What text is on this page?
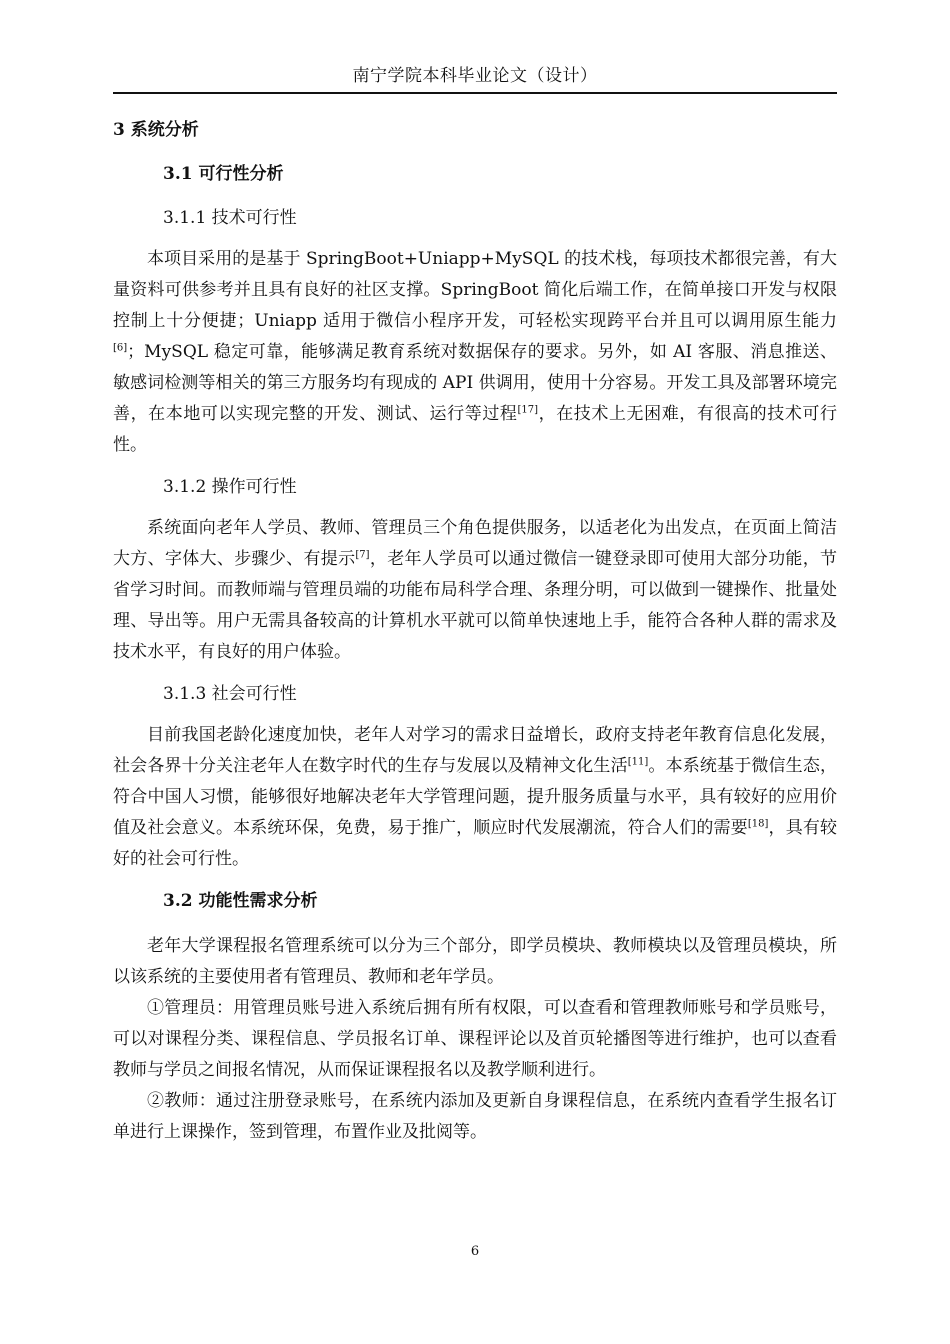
南宁学院本科毕业论文（设计）
3 系统分析
3.1 可行性分析
3.1.1 技术可行性

本项目采用的是基于 SpringBoot+Uniapp+MySQL 的技术栈，每项技术都很完善，有大量资料可供参考并且具有良好的社区支撑。SpringBoot 简化后端工作，在简单接口开发与权限控制上十分便捷；Uniapp 适用于微信小程序开发，可轻松实现跨平台并且可以调用原生能力[6]；MySQL 稳定可靠，能够满足教育系统对数据保存的要求。另外，如 AI 客服、消息推送、敏感词检测等相关的第三方服务均有现成的 API 供调用，使用十分容易。开发工具及部署环境完善，在本地可以实现完整的开发、测试、运行等过程[17]，在技术上无困难，有很高的技术可行性。

3.1.2 操作可行性

系统面向老年人学员、教师、管理员三个角色提供服务，以适老化为出发点，在页面上简洁大方、字体大、步骤少、有提示[7]，老年人学员可以通过微信一键登录即可使用大部分功能，节省学习时间。而教师端与管理员端的功能布局科学合理、条理分明，可以做到一键操作、批量处理、导出等。用户无需具备较高的计算机水平就可以简单快速地上手，能符合各种人群的需求及技术水平，有良好的用户体验。

3.1.3 社会可行性

目前我国老龄化速度加快，老年人对学习的需求日益增长，政府支持老年教育信息化发展，社会各界十分关注老年人在数字时代的生存与发展以及精神文化生活[11]。本系统基于微信生态，符合中国人习惯，能够很好地解决老年大学管理问题，提升服务质量与水平，具有较好的应用价值及社会意义。本系统环保，免费，易于推广，顺应时代发展潮流，符合人们的需要[18]，具有较好的社会可行性。

3.2 功能性需求分析

老年大学课程报名管理系统可以分为三个部分，即学员模块、教师模块以及管理员模块，所以该系统的主要使用者有管理员、教师和老年学员。

①管理员：用管理员账号进入系统后拥有所有权限，可以查看和管理教师账号和学员账号，可以对课程分类、课程信息、学员报名订单、课程评论以及首页轮播图等进行维护，也可以查看教师与学员之间报名情况，从而保证课程报名以及教学顺利进行。

②教师：通过注册登录账号，在系统内添加及更新自身课程信息，在系统内查看学生报名订单进行上课操作，签到管理，布置作业及批阅等。

6
